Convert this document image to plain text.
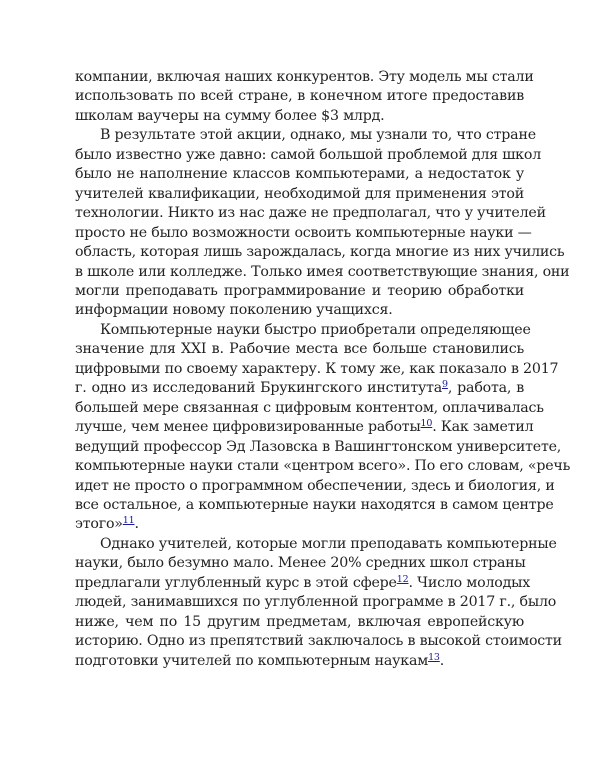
компании, включая наших конкурентов. Эту модель мы стали
использовать по всей стране, в конечном итоге предоставив
школам ваучеры на сумму более $3 млрд.
В результате этой акции, однако, мы узнали то, что стране
было известно уже давно: самой большой проблемой для школ
было не наполнение классов компьютерами, а недостаток у
учителей квалификации, необходимой для применения этой
технологии. Никто из нас даже не предполагал, что у учителей
просто не было возможности освоить компьютерные науки —
область, которая лишь зарождалась, когда многие из них учились
в школе или колледже. Только имея соответствующие знания, они
могли преподавать программирование и теорию обработки
информации новому поколению учащихся.
Компьютерные науки быстро приобретали определяющее
значение для XXI в. Рабочие места все больше становились
цифровыми по своему характеру. К тому же, как показало в 2017
г. одно из исследований Брукингского института$^9$, работа, в
большей мере связанная с цифровым контентом, оплачивалась
лучше, чем менее цифровизированные работы$^{10}$. Как заметил
ведущий профессор Эд Лазовска в Вашингтонском университете,
компьютерные науки стали «центром всего». По его словам, «речь
идет не просто о программном обеспечении, здесь и биология, и
все остальное, а компьютерные науки находятся в самом центре
этого»$^{11}$.
Однако учителей, которые могли преподавать компьютерные
науки, было безумно мало. Менее 20% средних школ страны
предлагали углубленный курс в этой сфере$^{12}$. Число молодых
людей, занимавшихся по углубленной программе в 2017 г., было
ниже, чем по 15 другим предметам, включая европейскую
историю. Одно из препятствий заключалось в высокой стоимости
подготовки учителей по компьютерным наукам$^{13}$.
